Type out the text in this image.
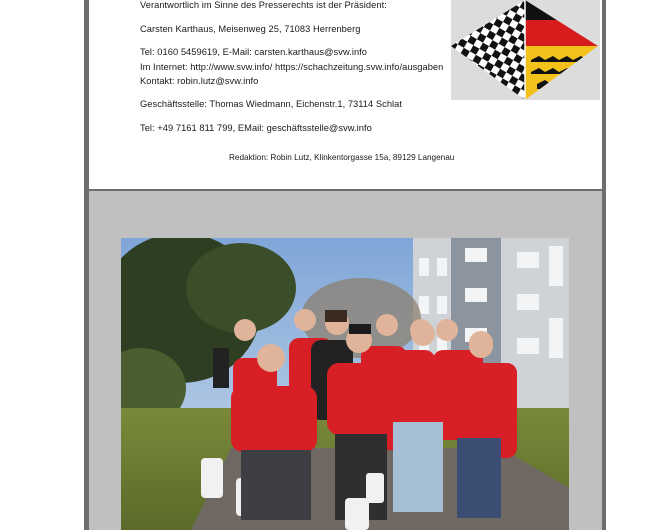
Verantwortlich im Sinne des Presserechts ist der Präsident:

Carsten Karthaus, Meisenweg 25, 71083 Herrenberg

Tel: 0160 5459619, E-Mail: carsten.karthaus@svw.info

Im Internet: http://www.svw.info/ https://schachzeitung.svw.info/ausgaben

Kontakt: robin.lutz@svw.info

Geschäftsstelle: Thomas Wiedmann, Eichenstr.1, 73114 Schlat

Tel: +49 7161 811 799, EMail: geschäftsstelle@svw.info

Redaktion: Robin Lutz, Klinkentorgasse 15a, 89129 Langenau
